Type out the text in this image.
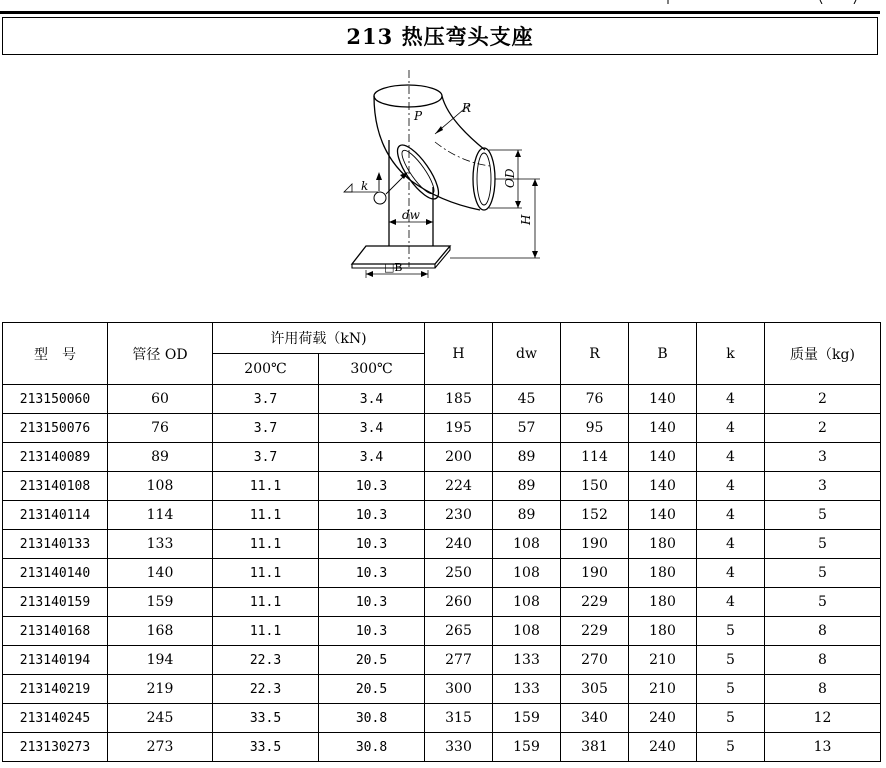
213 热压弯头支座
P
R
OD
k
dw	H
□B
型　号	管径 OD	许用荷载（kN)		H	dw	R	B	k	质量（kg)
		200℃	300℃						
213150060	60	3.7	3.4	185	45	76	140	4	2
213150076	76	3.7	3.4	195	57	95	140	4	2
213140089	89	3.7	3.4	200	89	114	140	4	3
213140108	108	11.1	10.3	224	89	150	140	4	3
213140114	114	11.1	10.3	230	89	152	140	4	5
213140133	133	11.1	10.3	240	108	190	180	4	5
213140140	140	11.1	10.3	250	108	190	180	4	5
213140159	159	11.1	10.3	260	108	229	180	4	5
213140168	168	11.1	10.3	265	108	229	180	5	8
213140194	194	22.3	20.5	277	133	270	210	5	8
213140219	219	22.3	20.5	300	133	305	210	5	8
213140245	245	33.5	30.8	315	159	340	240	5	12
213130273	273	33.5	30.8	330	159	381	240	5	13
